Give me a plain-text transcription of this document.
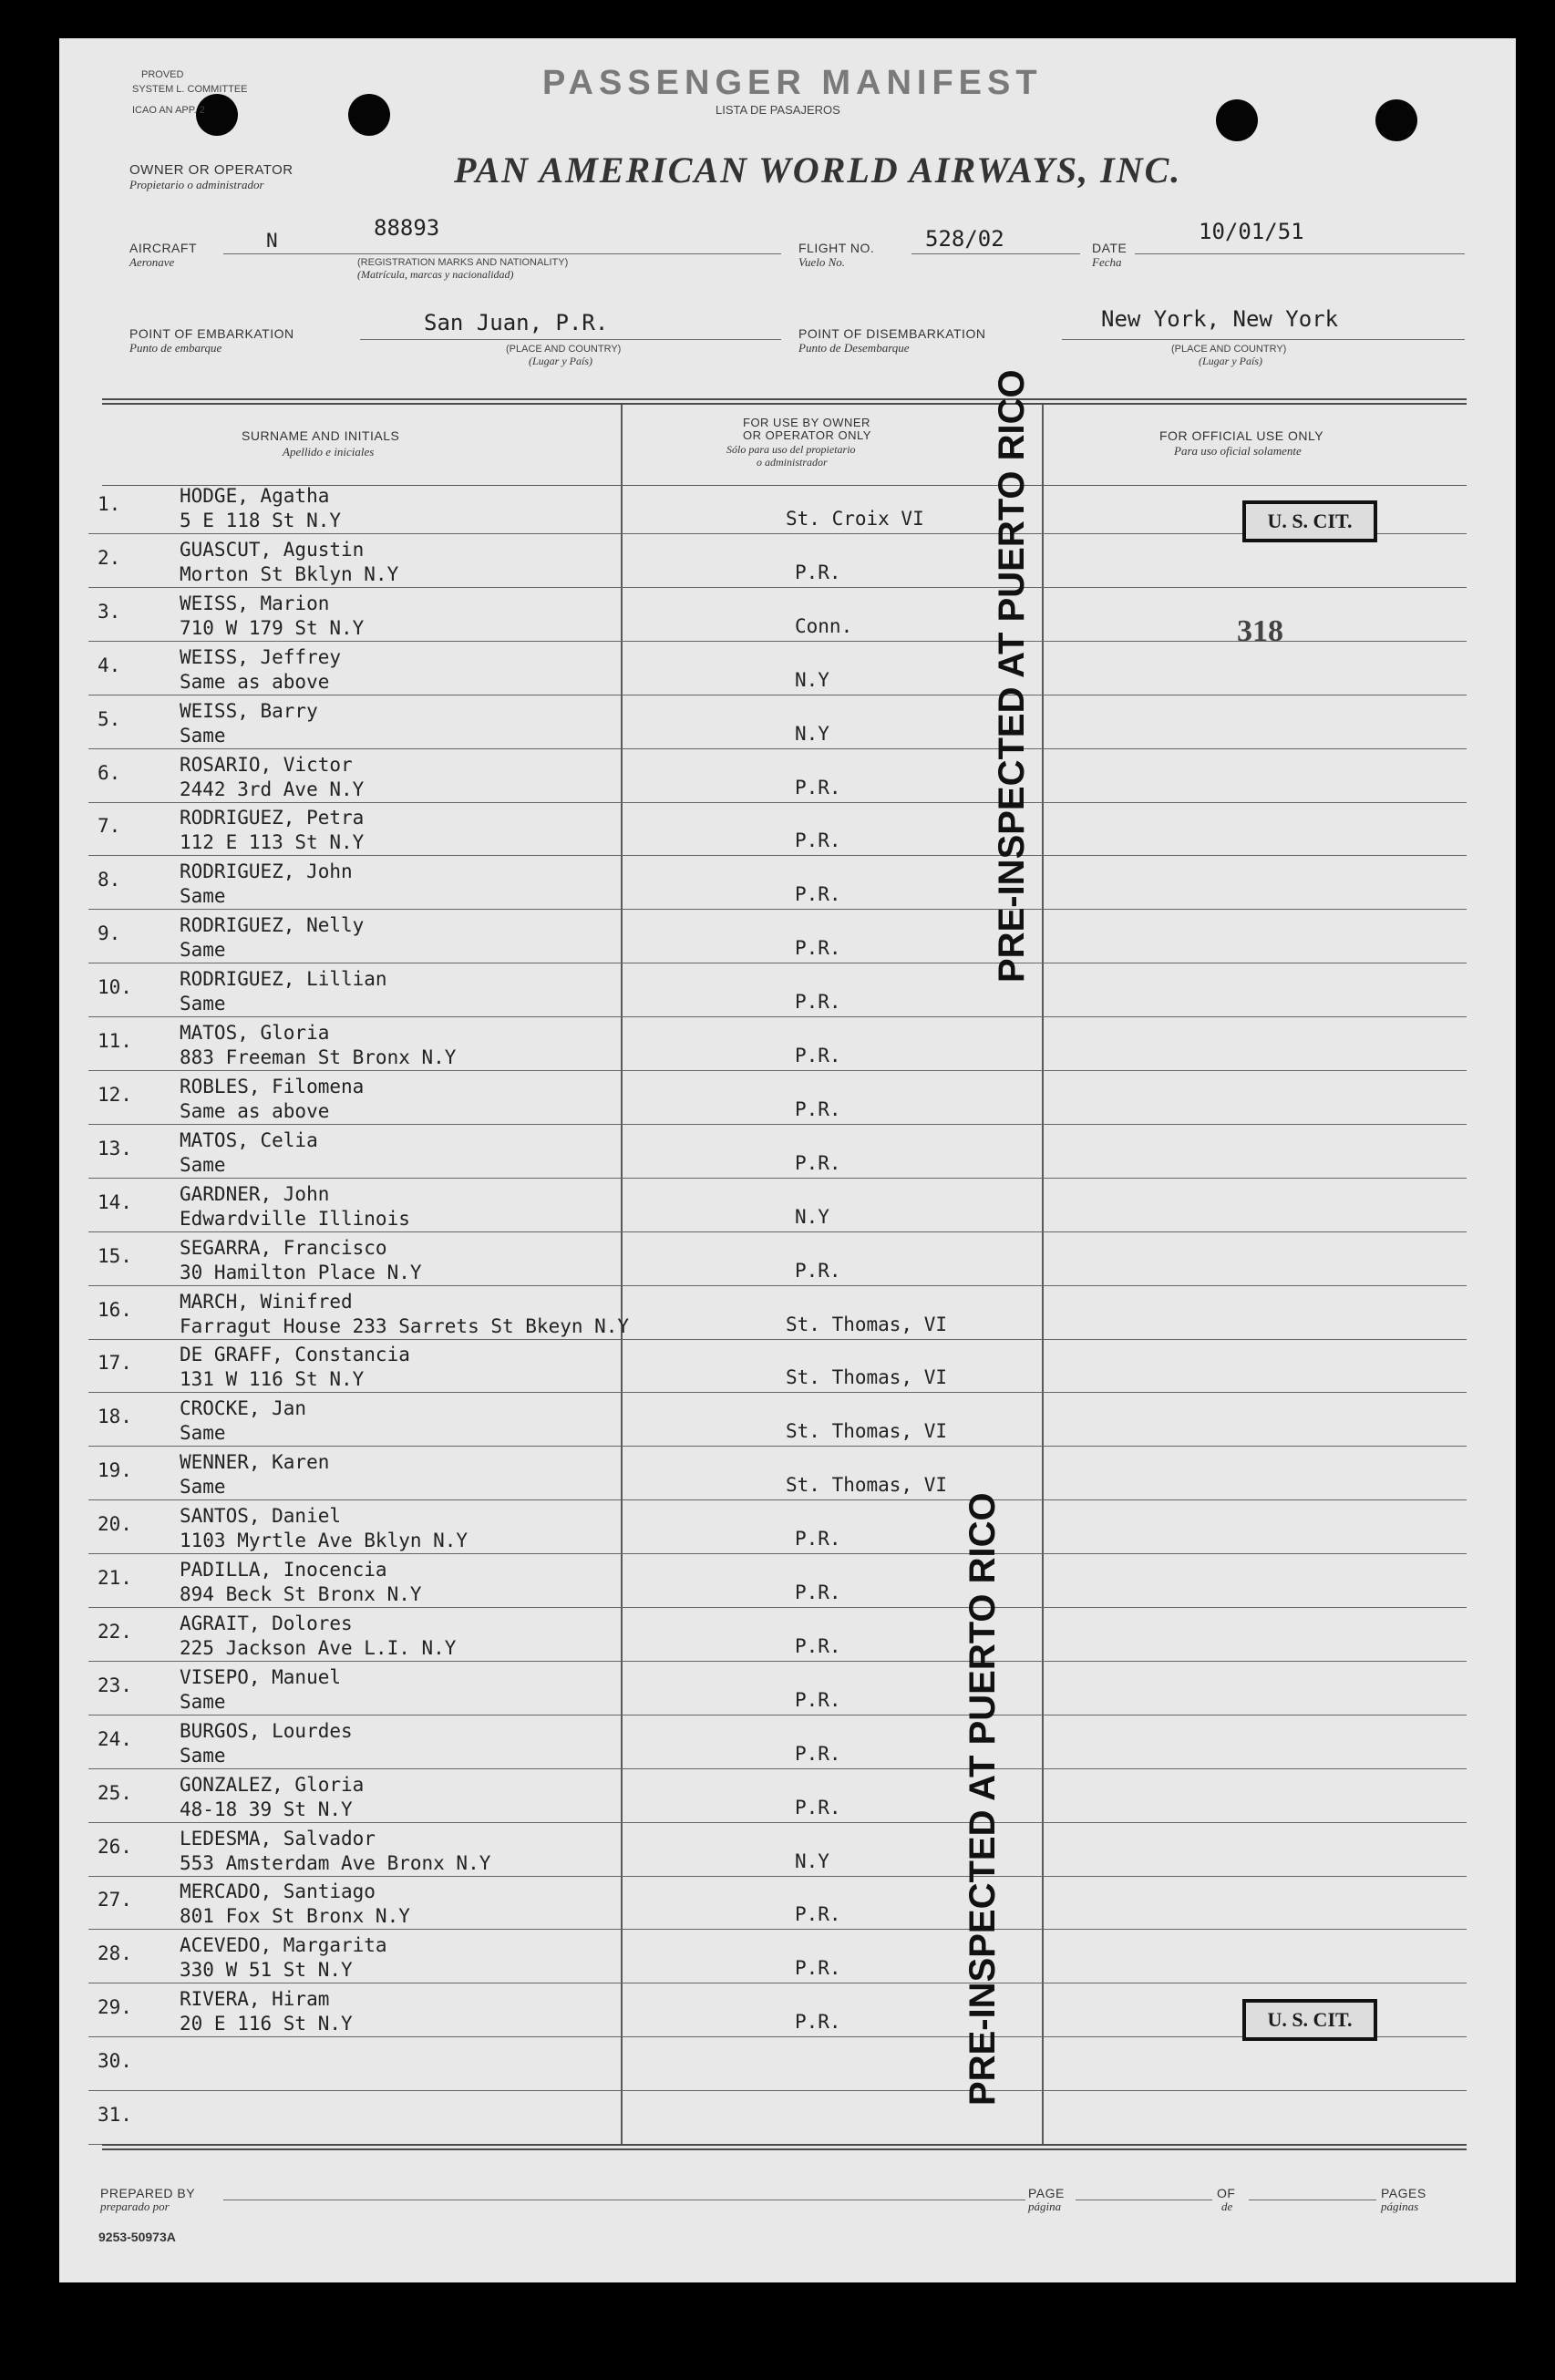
PROVED
SYSTEM L. COMMITTEE
ICAO AN APP. 2
PASSENGER MANIFEST
LISTA DE PASAJEROS
OWNER OR OPERATOR
Propietario o administrador	PAN AMERICAN WORLD AIRWAYS, INC.
AIRCRAFT
Aeronave
N	88893
(REGISTRATION MARKS AND NATIONALITY)
(Matrícula, marcas y nacionalidad)
FLIGHT NO.
Vuelo No.
528/02	DATE
Fecha
10/01/51
POINT OF EMBARKATION
Punto de embarque
San Juan, P.R.
(PLACE AND COUNTRY)
(Lugar y País)
POINT OF DISEMBARKATION
Punto de Desembarque
New York, New York
(PLACE AND COUNTRY)
(Lugar y País)
SURNAME AND INITIALS
Apellido e iniciales
FOR USE BY OWNER
OR OPERATOR ONLY
Sólo para uso del propietario
o administrador
FOR OFFICIAL USE ONLY
Para uso oficial solamente
1.	HODGE, Agatha
5 E 118 St N.Y	St. Croix VI
2.	GUASCUT, Agustin
Morton St Bklyn N.Y	P.R.
3.	WEISS, Marion
710 W 179 St N.Y	Conn.
4.	WEISS, Jeffrey
Same as above	N.Y
5.	WEISS, Barry
Same	N.Y
6.	ROSARIO, Victor
2442 3rd Ave N.Y	P.R.
7.	RODRIGUEZ, Petra
112 E 113 St N.Y	P.R.
8.	RODRIGUEZ, John
Same	P.R.
9.	RODRIGUEZ, Nelly
Same	P.R.
10. RODRIGUEZ, Lillian
Same	P.R.
11. MATOS, Gloria
883 Freeman St Bronx N.Y	P.R.
12. ROBLES, Filomena
Same as above	P.R.
13. MATOS, Celia
Same	P.R.
14. GARDNER, John
Edwardville Illinois	N.Y
15. SEGARRA, Francisco
30 Hamilton Place N.Y	P.R.
16. MARCH, Winifred
Farragut House 233 Sarrets St Bkeyn N.Y	St. Thomas, VI
17. DE GRAFF, Constancia
131 W 116 St N.Y	St. Thomas, VI
18. CROCKE, Jan
Same	St. Thomas, VI
19. WENNER, Karen
Same	St. Thomas, VI
20. SANTOS, Daniel
1103 Myrtle Ave Bklyn N.Y	P.R.
21. PADILLA, Inocencia
894 Beck St Bronx N.Y	P.R.
22. AGRAIT, Dolores
225 Jackson Ave L.I. N.Y	P.R.
23. VISEPO, Manuel
Same	P.R.
24. BURGOS, Lourdes
Same	P.R.
25. GONZALEZ, Gloria
48-18 39 St N.Y	P.R.
26. LEDESMA, Salvador
553 Amsterdam Ave Bronx N.Y	N.Y
27. MERCADO, Santiago
801 Fox St Bronx N.Y	P.R.
28. ACEVEDO, Margarita
330 W 51 St N.Y	P.R.
29. RIVERA, Hiram
20 E 116 St N.Y	P.R.
30.
31.
PRE-INSPECTED AT PUERTO RICO
PRE-INSPECTED AT PUERTO RICO
U. S. CIT.
U. S. CIT.
318
PREPARED BY
preparado por
PAGE
página
OF
de
PAGES
páginas
9253-50973A
